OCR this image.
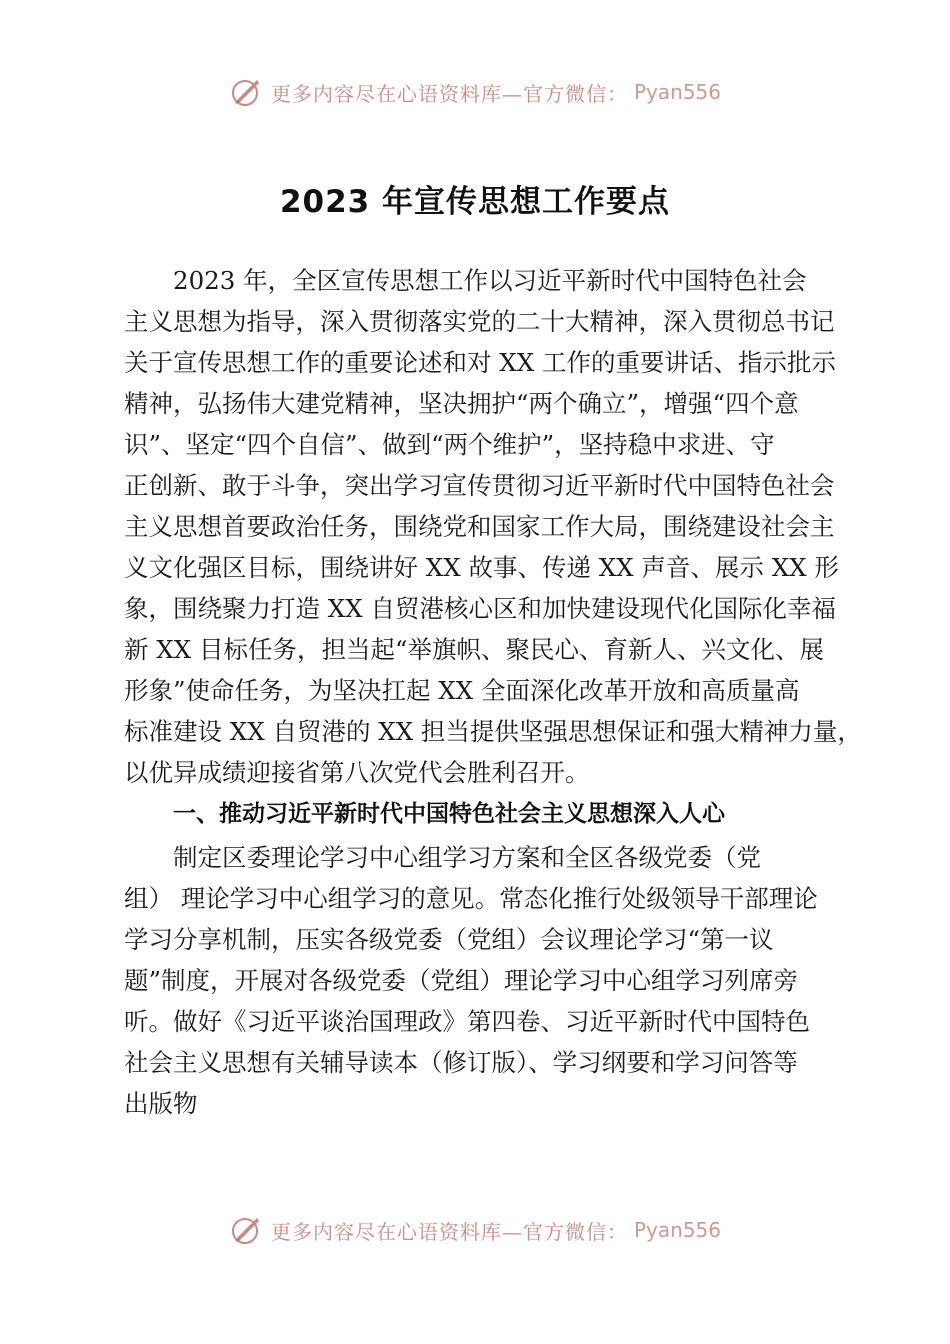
更多内容尽在心语资料库—官方微信： Pyan556
2023 年宣传思想工作要点
2023 年，全区宣传思想工作以习近平新时代中国特色社会
主义思想为指导，深入贯彻落实党的二十大精神，深入贯彻总书记
关于宣传思想工作的重要论述和对 XX 工作的重要讲话、指示批示
精神，弘扬伟大建党精神，坚决拥护“两个确立”，增强“四个意
识”、坚定“四个自信”、做到“两个维护”，坚持稳中求进、守
正创新、敢于斗争，突出学习宣传贯彻习近平新时代中国特色社会
主义思想首要政治任务，围绕党和国家工作大局，围绕建设社会主
义文化强区目标，围绕讲好 XX 故事、传递 XX 声音、展示 XX 形
象，围绕聚力打造 XX 自贸港核心区和加快建设现代化国际化幸福
新 XX 目标任务，担当起“举旗帜、聚民心、育新人、兴文化、展
形象”使命任务，为坚决扛起 XX 全面深化改革开放和高质量高
标准建设 XX 自贸港的 XX 担当提供坚强思想保证和强大精神力量，
以优异成绩迎接省第八次党代会胜利召开。
一、推动习近平新时代中国特色社会主义思想深入人心
制定区委理论学习中心组学习方案和全区各级党委（党
组） 理论学习中心组学习的意见。常态化推行处级领导干部理论
学习分享机制，压实各级党委（党组）会议理论学习“第一议
题”制度，开展对各级党委（党组）理论学习中心组学习列席旁
听。做好《习近平谈治国理政》第四卷、习近平新时代中国特色
社会主义思想有关辅导读本（修订版）、学习纲要和学习问答等
出版物
更多内容尽在心语资料库—官方微信： Pyan556
